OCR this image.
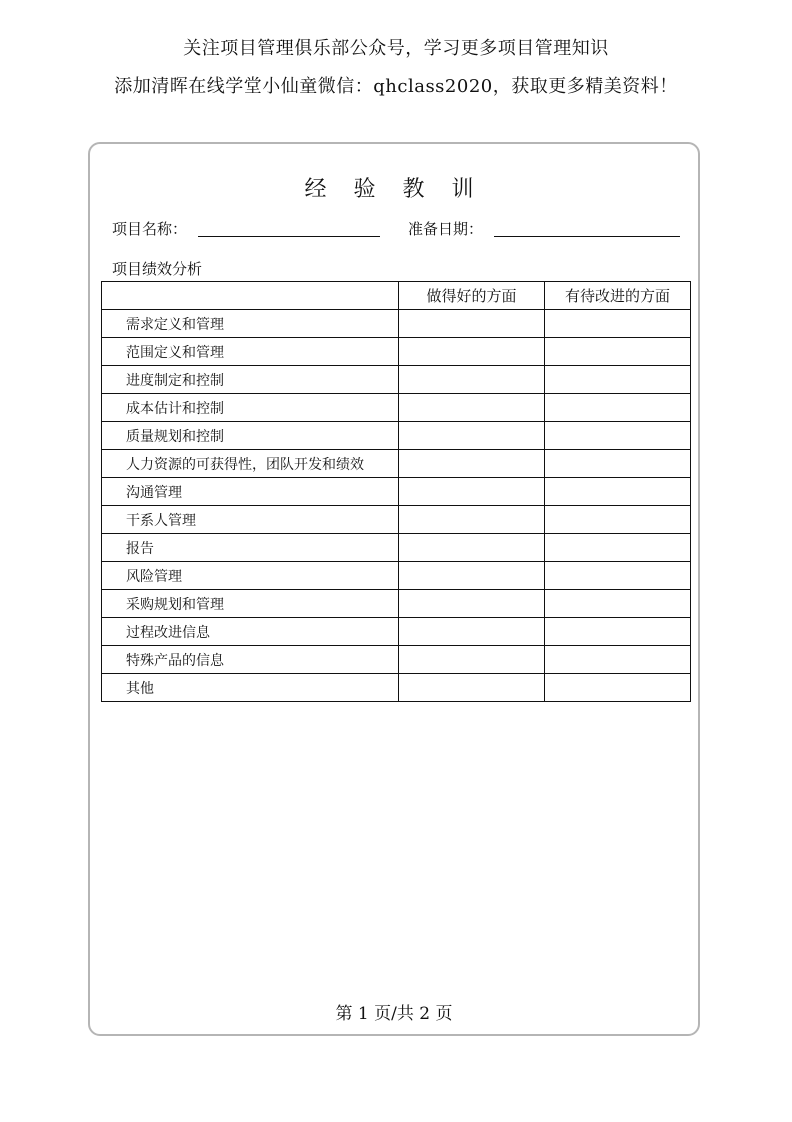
关注项目管理俱乐部公众号，学习更多项目管理知识
添加清晖在线学堂小仙童微信：qhclass2020，获取更多精美资料！
经 验 教 训
项目名称：	准备日期：
项目绩效分析
	做得好的方面	有待改进的方面
需求定义和管理		
范围定义和管理		
进度制定和控制		
成本估计和控制		
质量规划和控制		
人力资源的可获得性，团队开发和绩效		
沟通管理		
干系人管理		
报告		
风险管理		
采购规划和管理		
过程改进信息		
特殊产品的信息		
其他		
第 1 页/共 2 页
